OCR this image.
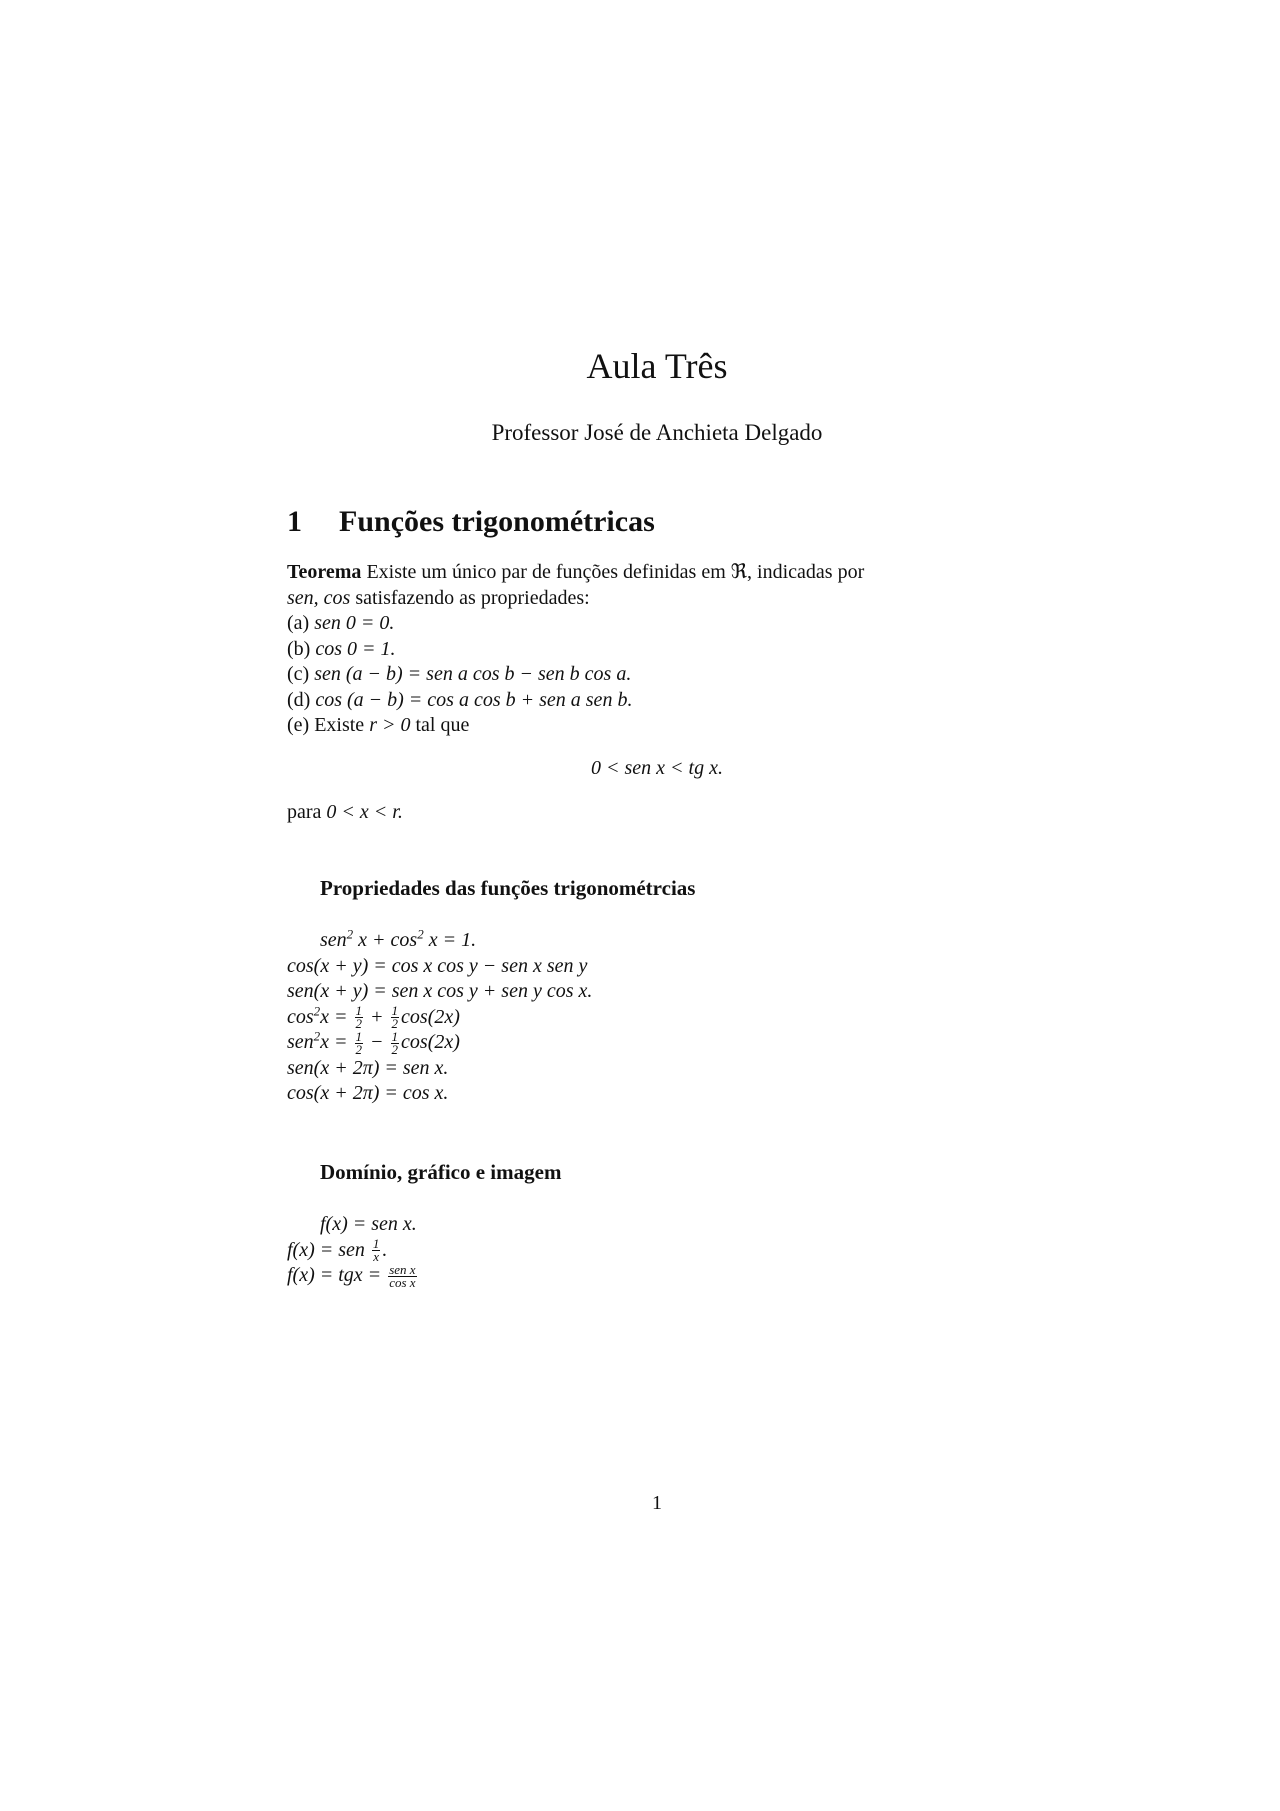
Aula Três
Professor José de Anchieta Delgado
1 Funções trigonométricas
Teorema Existe um único par de funções definidas em ℜ, indicadas por
sen, cos satisfazendo as propriedades:
(a) sen 0 = 0.
(b) cos 0 = 1.
(c) sen (a − b) = sen a cos b − sen b cos a.
(d) cos (a − b) = cos a cos b + sen a sen b.
(e) Existe r > 0 tal que
0 < sen x < tg x.
para 0 < x < r.
Propriedades das funções trigonométrcias
sen$^2$ $x + \cos^2 x = 1$.
cos(x + y) = cos x cos y − sen x sen y
sen(x + y) = sen x cos y + sen y cos x.
$\cos^2x = \frac{1}{2} + \frac{1}{2} \cos(2x)$
$sen^2x = \frac{1}{2} - \frac{1}{2} \cos(2x)$
sen(x + 2π) = sen x.
cos(x + 2π) = cos x.
Domínio, gráfico e imagem
f(x) = sen x.
f(x) = sen $\frac{1}{x}$ .
f(x) = tgx = $\frac{\text{sen x}}{\text{cos x}}$
1
